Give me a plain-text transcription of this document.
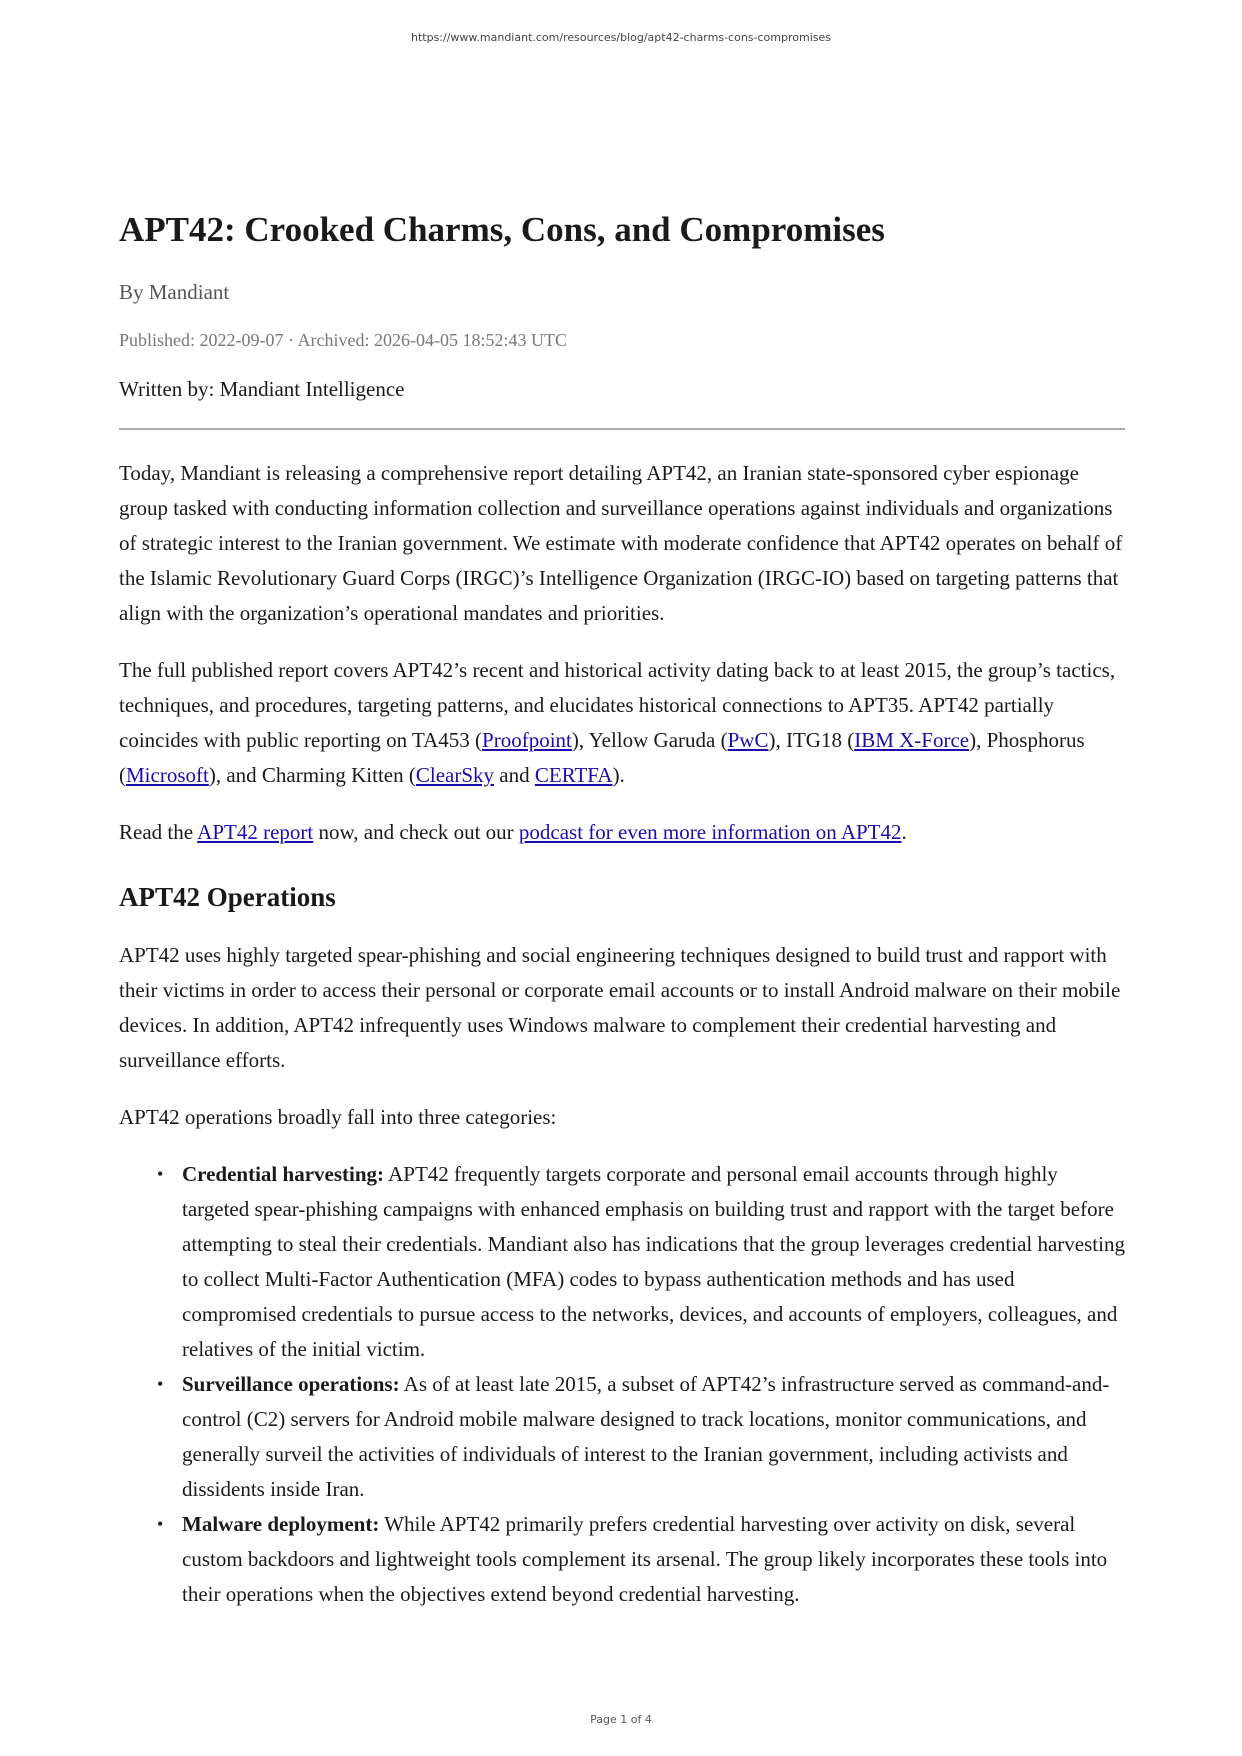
https://www.mandiant.com/resources/blog/apt42-charms-cons-compromises
APT42: Crooked Charms, Cons, and Compromises
By Mandiant
Published: 2022-09-07 · Archived: 2026-04-05 18:52:43 UTC
Written by: Mandiant Intelligence

Today, Mandiant is releasing a comprehensive report detailing APT42, an Iranian state-sponsored cyber espionage group tasked with conducting information collection and surveillance operations against individuals and organizations of strategic interest to the Iranian government. We estimate with moderate confidence that APT42 operates on behalf of the Islamic Revolutionary Guard Corps (IRGC)’s Intelligence Organization (IRGC-IO) based on targeting patterns that align with the organization’s operational mandates and priorities.

The full published report covers APT42’s recent and historical activity dating back to at least 2015, the group’s tactics, techniques, and procedures, targeting patterns, and elucidates historical connections to APT35. APT42 partially coincides with public reporting on TA453 (Proofpoint), Yellow Garuda (PwC), ITG18 (IBM X-Force), Phosphorus (Microsoft), and Charming Kitten (ClearSky and CERTFA).

Read the APT42 report now, and check out our podcast for even more information on APT42.

APT42 Operations

APT42 uses highly targeted spear-phishing and social engineering techniques designed to build trust and rapport with their victims in order to access their personal or corporate email accounts or to install Android malware on their mobile devices. In addition, APT42 infrequently uses Windows malware to complement their credential harvesting and surveillance efforts.

APT42 operations broadly fall into three categories:

• Credential harvesting: APT42 frequently targets corporate and personal email accounts through highly targeted spear-phishing campaigns with enhanced emphasis on building trust and rapport with the target before attempting to steal their credentials. Mandiant also has indications that the group leverages credential harvesting to collect Multi-Factor Authentication (MFA) codes to bypass authentication methods and has used compromised credentials to pursue access to the networks, devices, and accounts of employers, colleagues, and relatives of the initial victim.
• Surveillance operations: As of at least late 2015, a subset of APT42’s infrastructure served as command-and-control (C2) servers for Android mobile malware designed to track locations, monitor communications, and generally surveil the activities of individuals of interest to the Iranian government, including activists and dissidents inside Iran.
• Malware deployment: While APT42 primarily prefers credential harvesting over activity on disk, several custom backdoors and lightweight tools complement its arsenal. The group likely incorporates these tools into their operations when the objectives extend beyond credential harvesting.
Page 1 of 4
